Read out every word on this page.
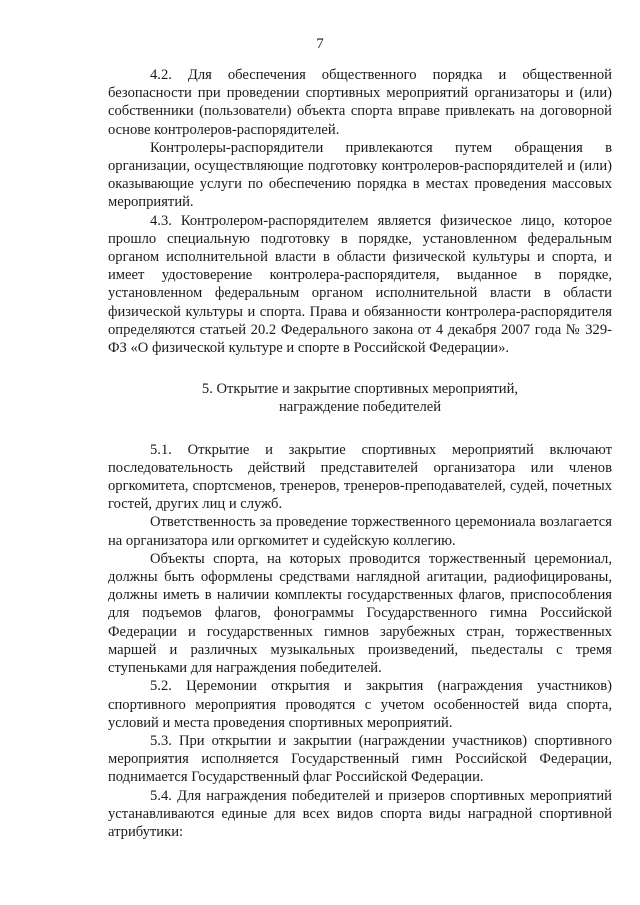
7

4.2. Для обеспечения общественного порядка и общественной безопасности при проведении спортивных мероприятий организаторы и (или) собственники (пользователи) объекта спорта вправе привлекать на договорной основе контролеров-распорядителей.

Контролеры-распорядители привлекаются путем обращения в организации, осуществляющие подготовку контролеров-распорядителей и (или) оказывающие услуги по обеспечению порядка в местах проведения массовых мероприятий.

4.3. Контролером-распорядителем является физическое лицо, которое прошло специальную подготовку в порядке, установленном федеральным органом исполнительной власти в области физической культуры и спорта, и имеет удостоверение контролера-распорядителя, выданное в порядке, установленном федеральным органом исполнительной власти в области физической культуры и спорта. Права и обязанности контролера-распорядителя определяются статьей 20.2 Федерального закона от 4 декабря 2007 года № 329-ФЗ «О физической культуре и спорте в Российской Федерации».

5. Открытие и закрытие спортивных мероприятий,
награждение победителей

5.1. Открытие и закрытие спортивных мероприятий включают последовательность действий представителей организатора или членов оргкомитета, спортсменов, тренеров, тренеров-преподавателей, судей, почетных гостей, других лиц и служб.

Ответственность за проведение торжественного церемониала возлагается на организатора или оргкомитет и судейскую коллегию.

Объекты спорта, на которых проводится торжественный церемониал, должны быть оформлены средствами наглядной агитации, радиофицированы, должны иметь в наличии комплекты государственных флагов, приспособления для подъемов флагов, фонограммы Государственного гимна Российской Федерации и государственных гимнов зарубежных стран, торжественных маршей и различных музыкальных произведений, пьедесталы с тремя ступеньками для награждения победителей.

5.2. Церемонии открытия и закрытия (награждения участников) спортивного мероприятия проводятся с учетом особенностей вида спорта, условий и места проведения спортивных мероприятий.

5.3. При открытии и закрытии (награждении участников) спортивного мероприятия исполняется Государственный гимн Российской Федерации, поднимается Государственный флаг Российской Федерации.

5.4. Для награждения победителей и призеров спортивных мероприятий устанавливаются единые для всех видов спорта виды наградной спортивной атрибутики:
